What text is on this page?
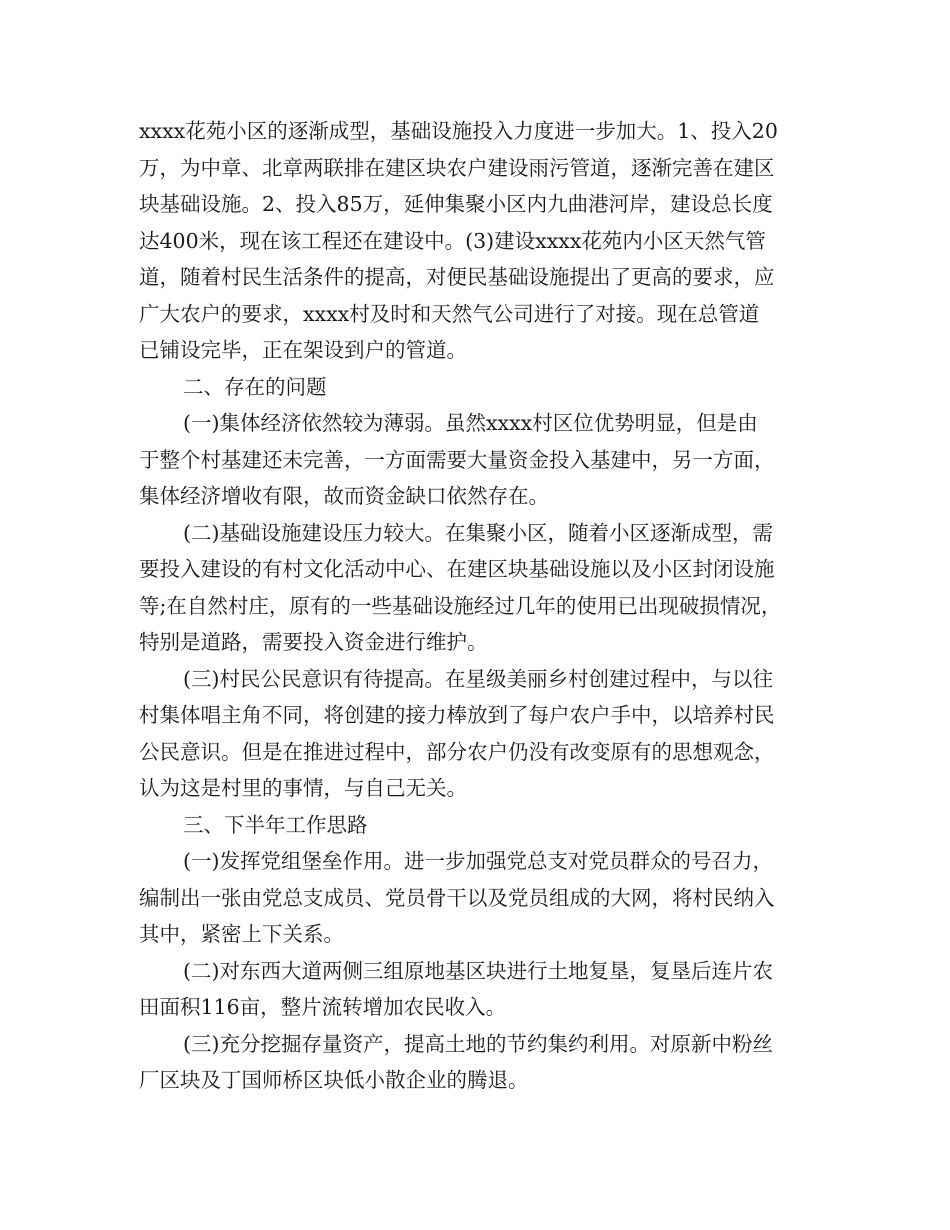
xxxx花苑小区的逐渐成型，基础设施投入力度进一步加大。1、投入20
万，为中章、北章两联排在建区块农户建设雨污管道，逐渐完善在建区
块基础设施。2、投入85万，延伸集聚小区内九曲港河岸，建设总长度
达400米，现在该工程还在建设中。(3)建设xxxx花苑内小区天然气管
道，随着村民生活条件的提高，对便民基础设施提出了更高的要求，应
广大农户的要求，xxxx村及时和天然气公司进行了对接。现在总管道
已铺设完毕，正在架设到户的管道。
二、存在的问题
(一)集体经济依然较为薄弱。虽然xxxx村区位优势明显，但是由
于整个村基建还未完善，一方面需要大量资金投入基建中，另一方面，
集体经济增收有限，故而资金缺口依然存在。
(二)基础设施建设压力较大。在集聚小区，随着小区逐渐成型，需
要投入建设的有村文化活动中心、在建区块基础设施以及小区封闭设施
等;在自然村庄，原有的一些基础设施经过几年的使用已出现破损情况，
特别是道路，需要投入资金进行维护。
(三)村民公民意识有待提高。在星级美丽乡村创建过程中，与以往
村集体唱主角不同，将创建的接力棒放到了每户农户手中，以培养村民
公民意识。但是在推进过程中，部分农户仍没有改变原有的思想观念，
认为这是村里的事情，与自己无关。
三、下半年工作思路
(一)发挥党组堡垒作用。进一步加强党总支对党员群众的号召力，
编制出一张由党总支成员、党员骨干以及党员组成的大网，将村民纳入
其中，紧密上下关系。
(二)对东西大道两侧三组原地基区块进行土地复垦，复垦后连片农
田面积116亩，整片流转增加农民收入。
(三)充分挖掘存量资产，提高土地的节约集约利用。对原新中粉丝
厂区块及丁国师桥区块低小散企业的腾退。
